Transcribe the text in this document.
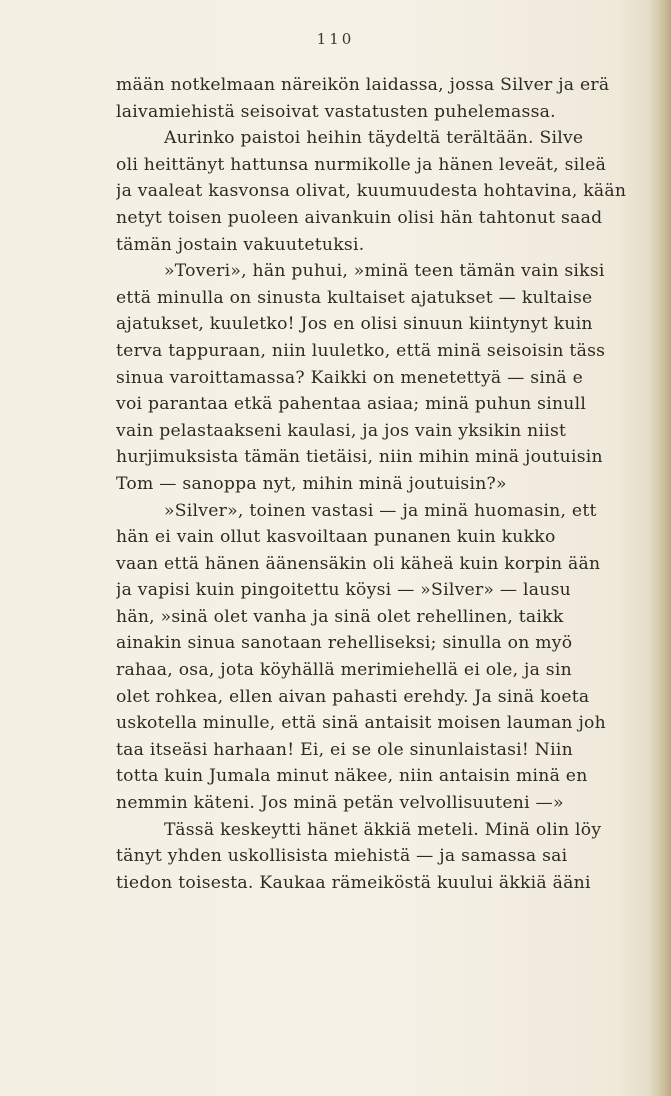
110
mään notkelmaan näreikön laidassa, jossa Silver ja erä
laivamiehistä seisoivat vastatusten puhelemassa.
Aurinko paistoi heihin täydeltä terältään. Silve
oli heittänyt hattunsa nurmikolle ja hänen leveät, sileä
ja vaaleat kasvonsa olivat, kuumuudesta hohtavina, kään
netyt toisen puoleen aivankuin olisi hän tahtonut saad
tämän jostain vakuutetuksi.
»Toveri», hän puhui, »minä teen tämän vain siksi
että minulla on sinusta kultaiset ajatukset — kultaise
ajatukset, kuuletko! Jos en olisi sinuun kiintynyt kuin
terva tappuraan, niin luuletko, että minä seisoisin täss
sinua varoittamassa? Kaikki on menetettyä — sinä e
voi parantaa etkä pahentaa asiaa; minä puhun sinull
vain pelastaakseni kaulasi, ja jos vain yksikin niist
hurjimuksista tämän tietäisi, niin mihin minä joutuisin
Tom — sanoppa nyt, mihin minä joutuisin?»
»Silver», toinen vastasi — ja minä huomasin, ett
hän ei vain ollut kasvoiltaan punanen kuin kukko
vaan että hänen äänensäkin oli käheä kuin korpin ään
ja vapisi kuin pingoitettu köysi — »Silver» — lausu
hän, »sinä olet vanha ja sinä olet rehellinen, taikk
ainakin sinua sanotaan rehelliseksi; sinulla on myö
rahaa, osa, jota köyhällä merimiehellä ei ole, ja sin
olet rohkea, ellen aivan pahasti erehdy. Ja sinä koeta
uskotella minulle, että sinä antaisit moisen lauman joh
taa itseäsi harhaan! Ei, ei se ole sinunlaistasi! Niin
totta kuin Jumala minut näkee, niin antaisin minä en
nemmin käteni. Jos minä petän velvollisuuteni —»
Tässä keskeytti hänet äkkiä meteli. Minä olin löy
tänyt yhden uskollisista miehistä — ja samassa sai
tiedon toisesta. Kaukaa rämeiköstä kuului äkkiä ääni
